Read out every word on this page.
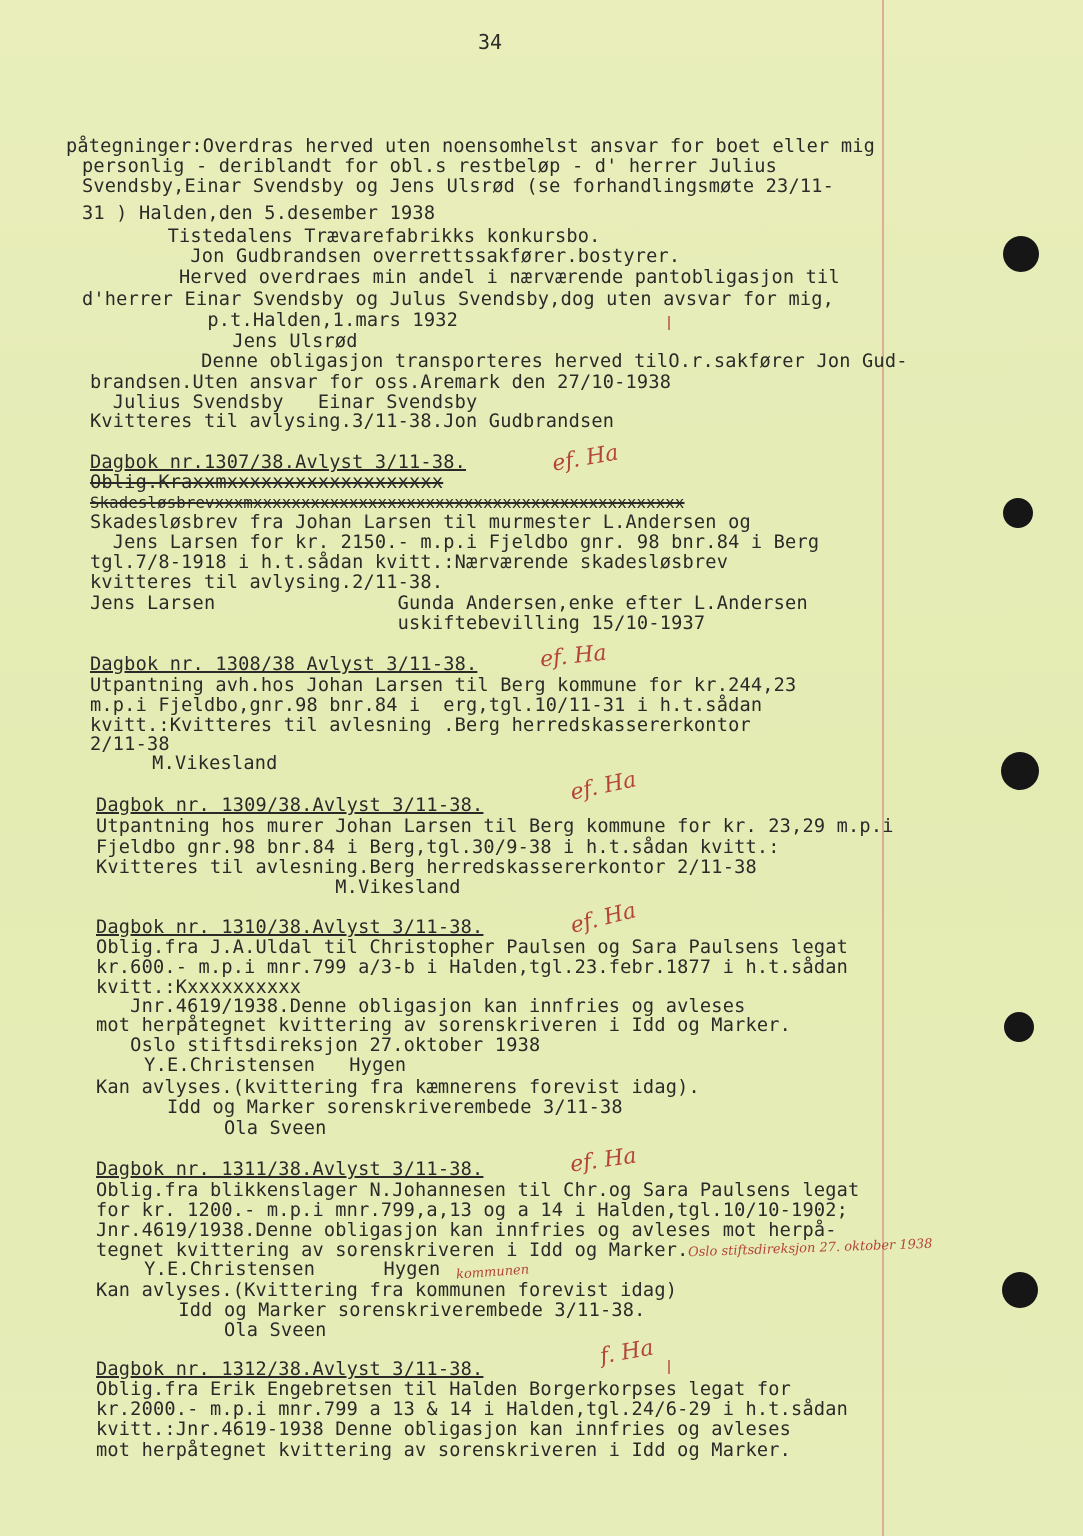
34
påtegninger:Overdras herved uten noensomhelst ansvar for boet eller mig
personlig - deriblandt for obl.s restbeløp - d' herrer Julius
Svendsby,Einar Svendsby og Jens Ulsrød (se forhandlingsmøte 23/11-
31 ) Halden,den 5.desember 1938
Tistedalens Trævarefabrikks konkursbo.
Jon Gudbrandsen overrettssakfører.bostyrer.
Herved overdraes min andel i nærværende pantobligasjon til
d'herrer Einar Svendsby og Julus Svendsby,dog uten avsvar for mig,
p.t.Halden,1.mars 1932
Jens Ulsrød
Denne obligasjon transporteres herved tilO.r.sakfører Jon Gud-
brandsen.Uten ansvar for oss.Aremark den 27/10-1938
Julius Svendsby   Einar Svendsby
Kvitteres til avlysing.3/11-38.Jon Gudbrandsen
Dagbok nr.1307/38.Avlyst 3/11-38.
Oblig.Kraxxmxxxxxxxxxxxxxxxxxxx
Skadesløsbrevxxxmxxxxxxxxxxxxxxxxxxxxxxxxxxxxxxxxxxxxxxxxxxxxx
Skadesløsbrev fra Johan Larsen til murmester L.Andersen og
Jens Larsen for kr. 2150.- m.p.i Fjeldbo gnr. 98 bnr.84 i Berg
tgl.7/8-1918 i h.t.sådan kvitt.:Nærværende skadesløsbrev
kvitteres til avlysing.2/11-38.
Jens Larsen                Gunda Andersen,enke efter L.Andersen
uskiftebevilling 15/10-1937
Dagbok nr. 1308/38 Avlyst 3/11-38.
Utpantning avh.hos Johan Larsen til Berg kommune for kr.244,23
m.p.i Fjeldbo,gnr.98 bnr.84 i  erg,tgl.10/11-31 i h.t.sådan
kvitt.:Kvitteres til avlesning .Berg herredskassererkontor
2/11-38
M.Vikesland
Dagbok nr. 1309/38.Avlyst 3/11-38.
Utpantning hos murer Johan Larsen til Berg kommune for kr. 23,29 m.p.i
Fjeldbo gnr.98 bnr.84 i Berg,tgl.30/9-38 i h.t.sådan kvitt.:
Kvitteres til avlesning.Berg herredskassererkontor 2/11-38
M.Vikesland
Dagbok nr. 1310/38.Avlyst 3/11-38.
Oblig.fra J.A.Uldal til Christopher Paulsen og Sara Paulsens legat
kr.600.- m.p.i mnr.799 a/3-b i Halden,tgl.23.febr.1877 i h.t.sådan
kvitt.:Kxxxxxxxxxx
Jnr.4619/1938.Denne obligasjon kan innfries og avleses
mot herpåtegnet kvittering av sorenskriveren i Idd og Marker.
Oslo stiftsdireksjon 27.oktober 1938
Y.E.Christensen   Hygen
Kan avlyses.(kvittering fra kæmnerens forevist idag).
Idd og Marker sorenskriverembede 3/11-38
Ola Sveen
Dagbok nr. 1311/38.Avlyst 3/11-38.
Oblig.fra blikkenslager N.Johannesen til Chr.og Sara Paulsens legat
for kr. 1200.- m.p.i mnr.799,a,13 og a 14 i Halden,tgl.10/10-1902;
Jnr.4619/1938.Denne obligasjon kan innfries og avleses mot herpå-
tegnet kvittering av sorenskriveren i Idd og Marker.
Y.E.Christensen      Hygen
Kan avlyses.(Kvittering fra kommunen forevist idag)
Idd og Marker sorenskriverembede 3/11-38.
Ola Sveen
Dagbok nr. 1312/38.Avlyst 3/11-38.
Oblig.fra Erik Engebretsen til Halden Borgerkorpses legat for
kr.2000.- m.p.i mnr.799 a 13 & 14 i Halden,tgl.24/6-29 i h.t.sådan
kvitt.:Jnr.4619-1938 Denne obligasjon kan innfries og avleses
mot herpåtegnet kvittering av sorenskriveren i Idd og Marker.
ef. Ha
ef. Ha
ef. Ha
ef. Ha
ef. Ha
f. Ha
Oslo stiftsdireksjon 27. oktober 1938
kommunen
